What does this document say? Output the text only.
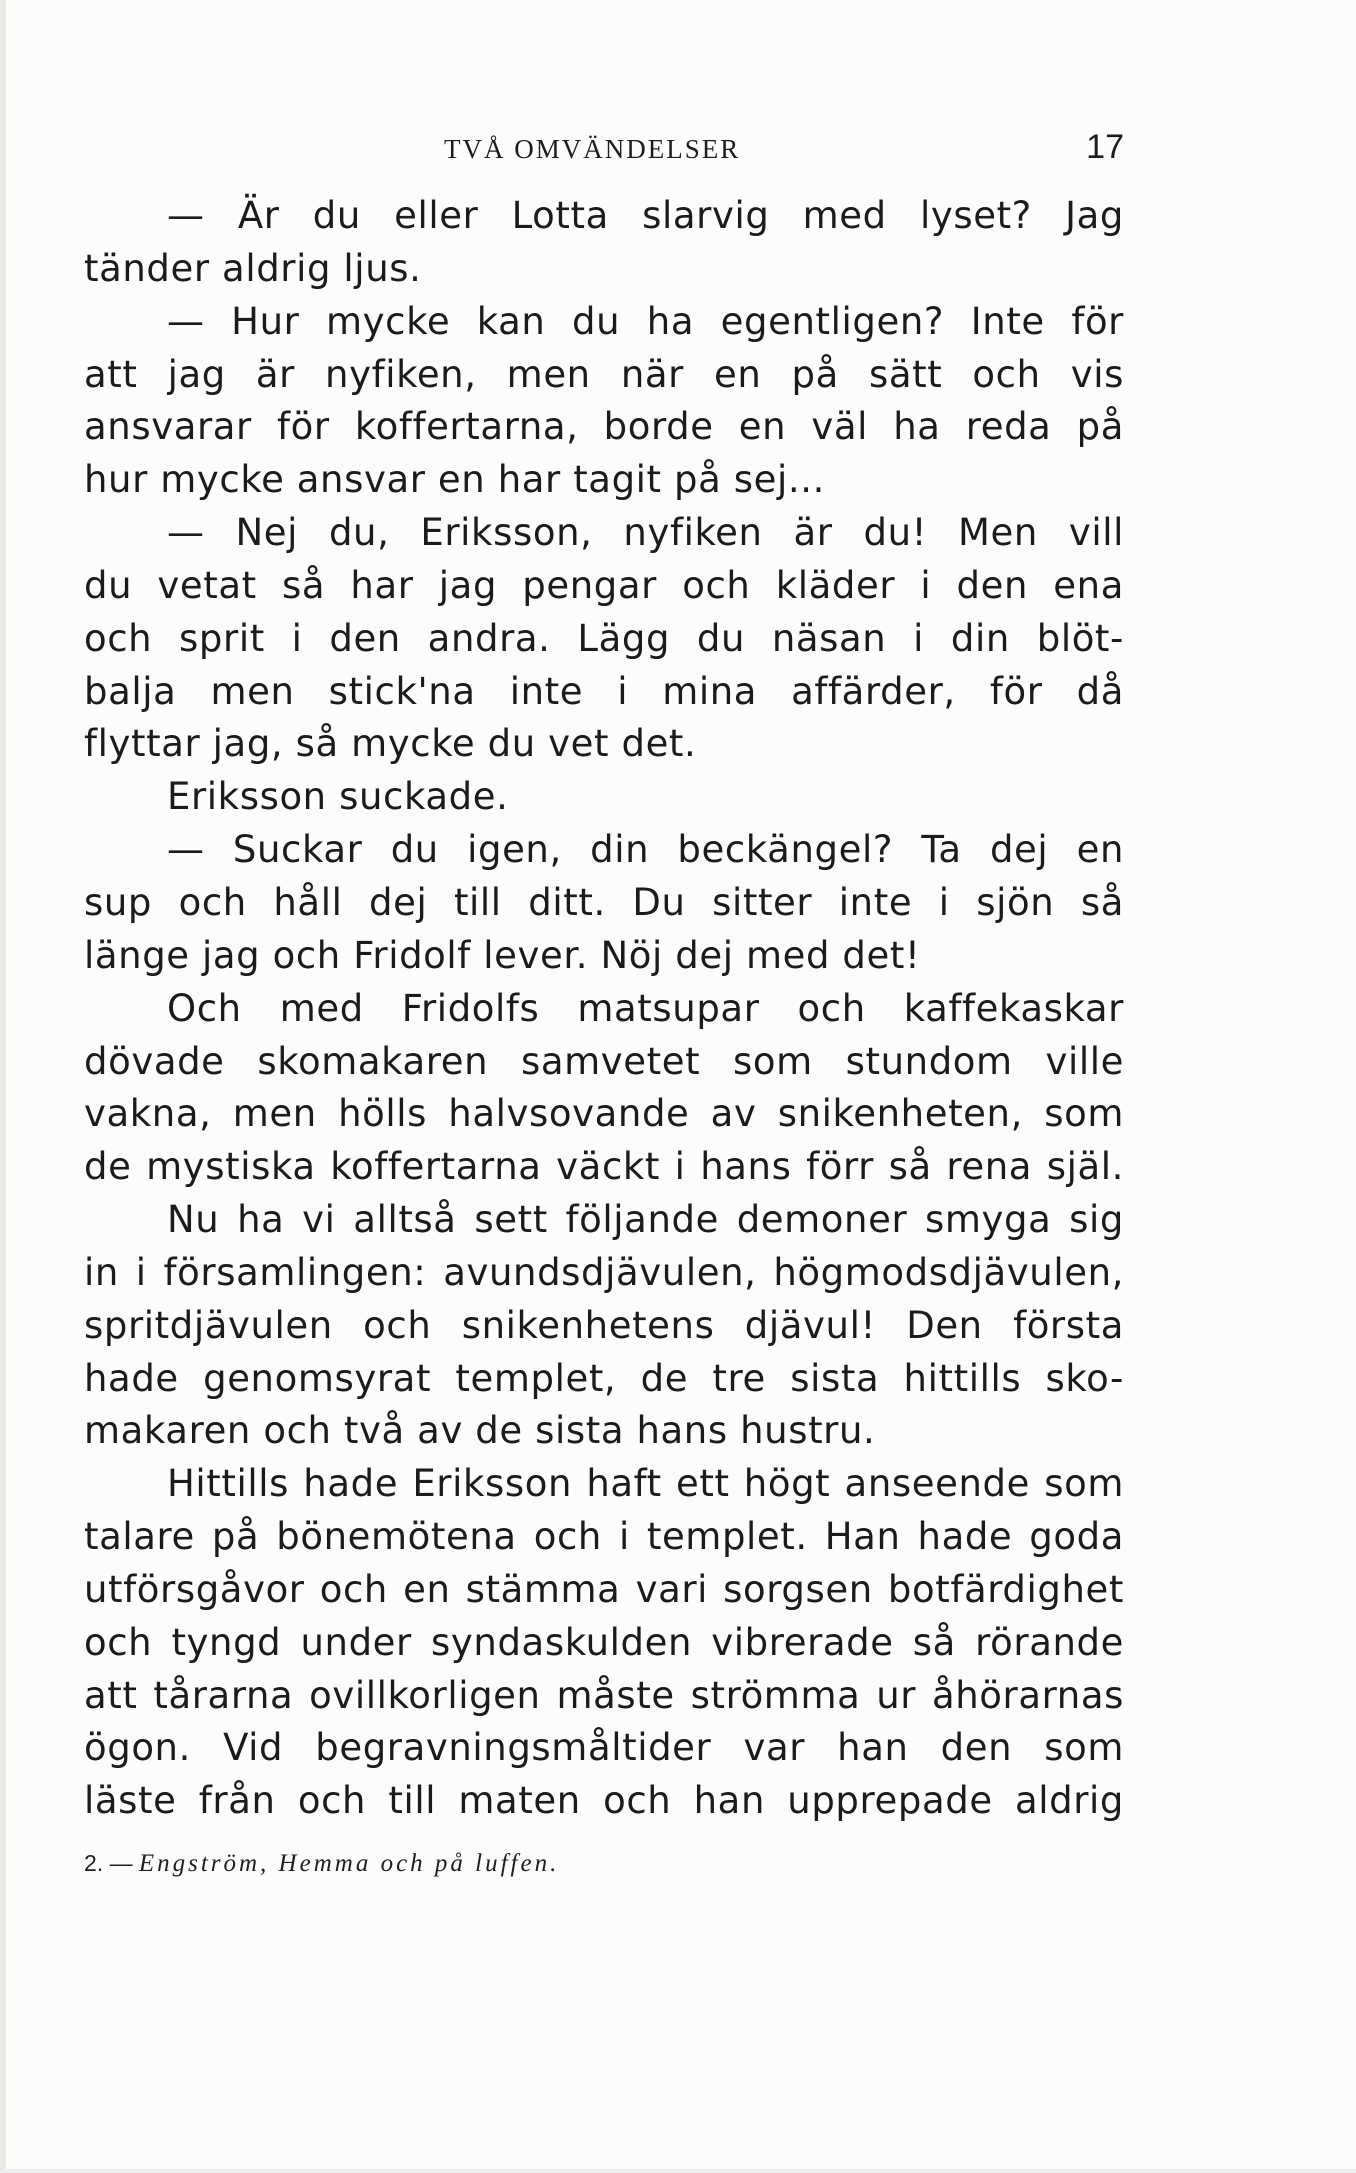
TVÅ OMVÄNDELSER	17
— Är du eller Lotta slarvig med lyset? Jag
tänder aldrig ljus.
— Hur mycke kan du ha egentligen? Inte för
att jag är nyfiken, men när en på sätt och vis
ansvarar för koffertarna, borde en väl ha reda på
hur mycke ansvar en har tagit på sej...
— Nej du, Eriksson, nyfiken är du! Men vill
du vetat så har jag pengar och kläder i den ena
och sprit i den andra. Lägg du näsan i din blöt-
balja men stick'na inte i mina affärder, för då
flyttar jag, så mycke du vet det.
Eriksson suckade.
— Suckar du igen, din beckängel? Ta dej en
sup och håll dej till ditt. Du sitter inte i sjön så
länge jag och Fridolf lever. Nöj dej med det!
Och med Fridolfs matsupar och kaffekaskar
dövade skomakaren samvetet som stundom ville
vakna, men hölls halvsovande av snikenheten, som
de mystiska koffertarna väckt i hans förr så rena själ.
Nu ha vi alltså sett följande demoner smyga sig
in i församlingen: avundsdjävulen, högmodsdjävulen,
spritdjävulen och snikenhetens djävul! Den första
hade genomsyrat templet, de tre sista hittills sko-
makaren och två av de sista hans hustru.
Hittills hade Eriksson haft ett högt anseende som
talare på bönemötena och i templet. Han hade goda
utförsgåvor och en stämma vari sorgsen botfärdighet
och tyngd under syndaskulden vibrerade så rörande
att tårarna ovillkorligen måste strömma ur åhörarnas
ögon. Vid begravningsmåltider var han den som
läste från och till maten och han upprepade aldrig
2. — Engström, Hemma och på luffen.
